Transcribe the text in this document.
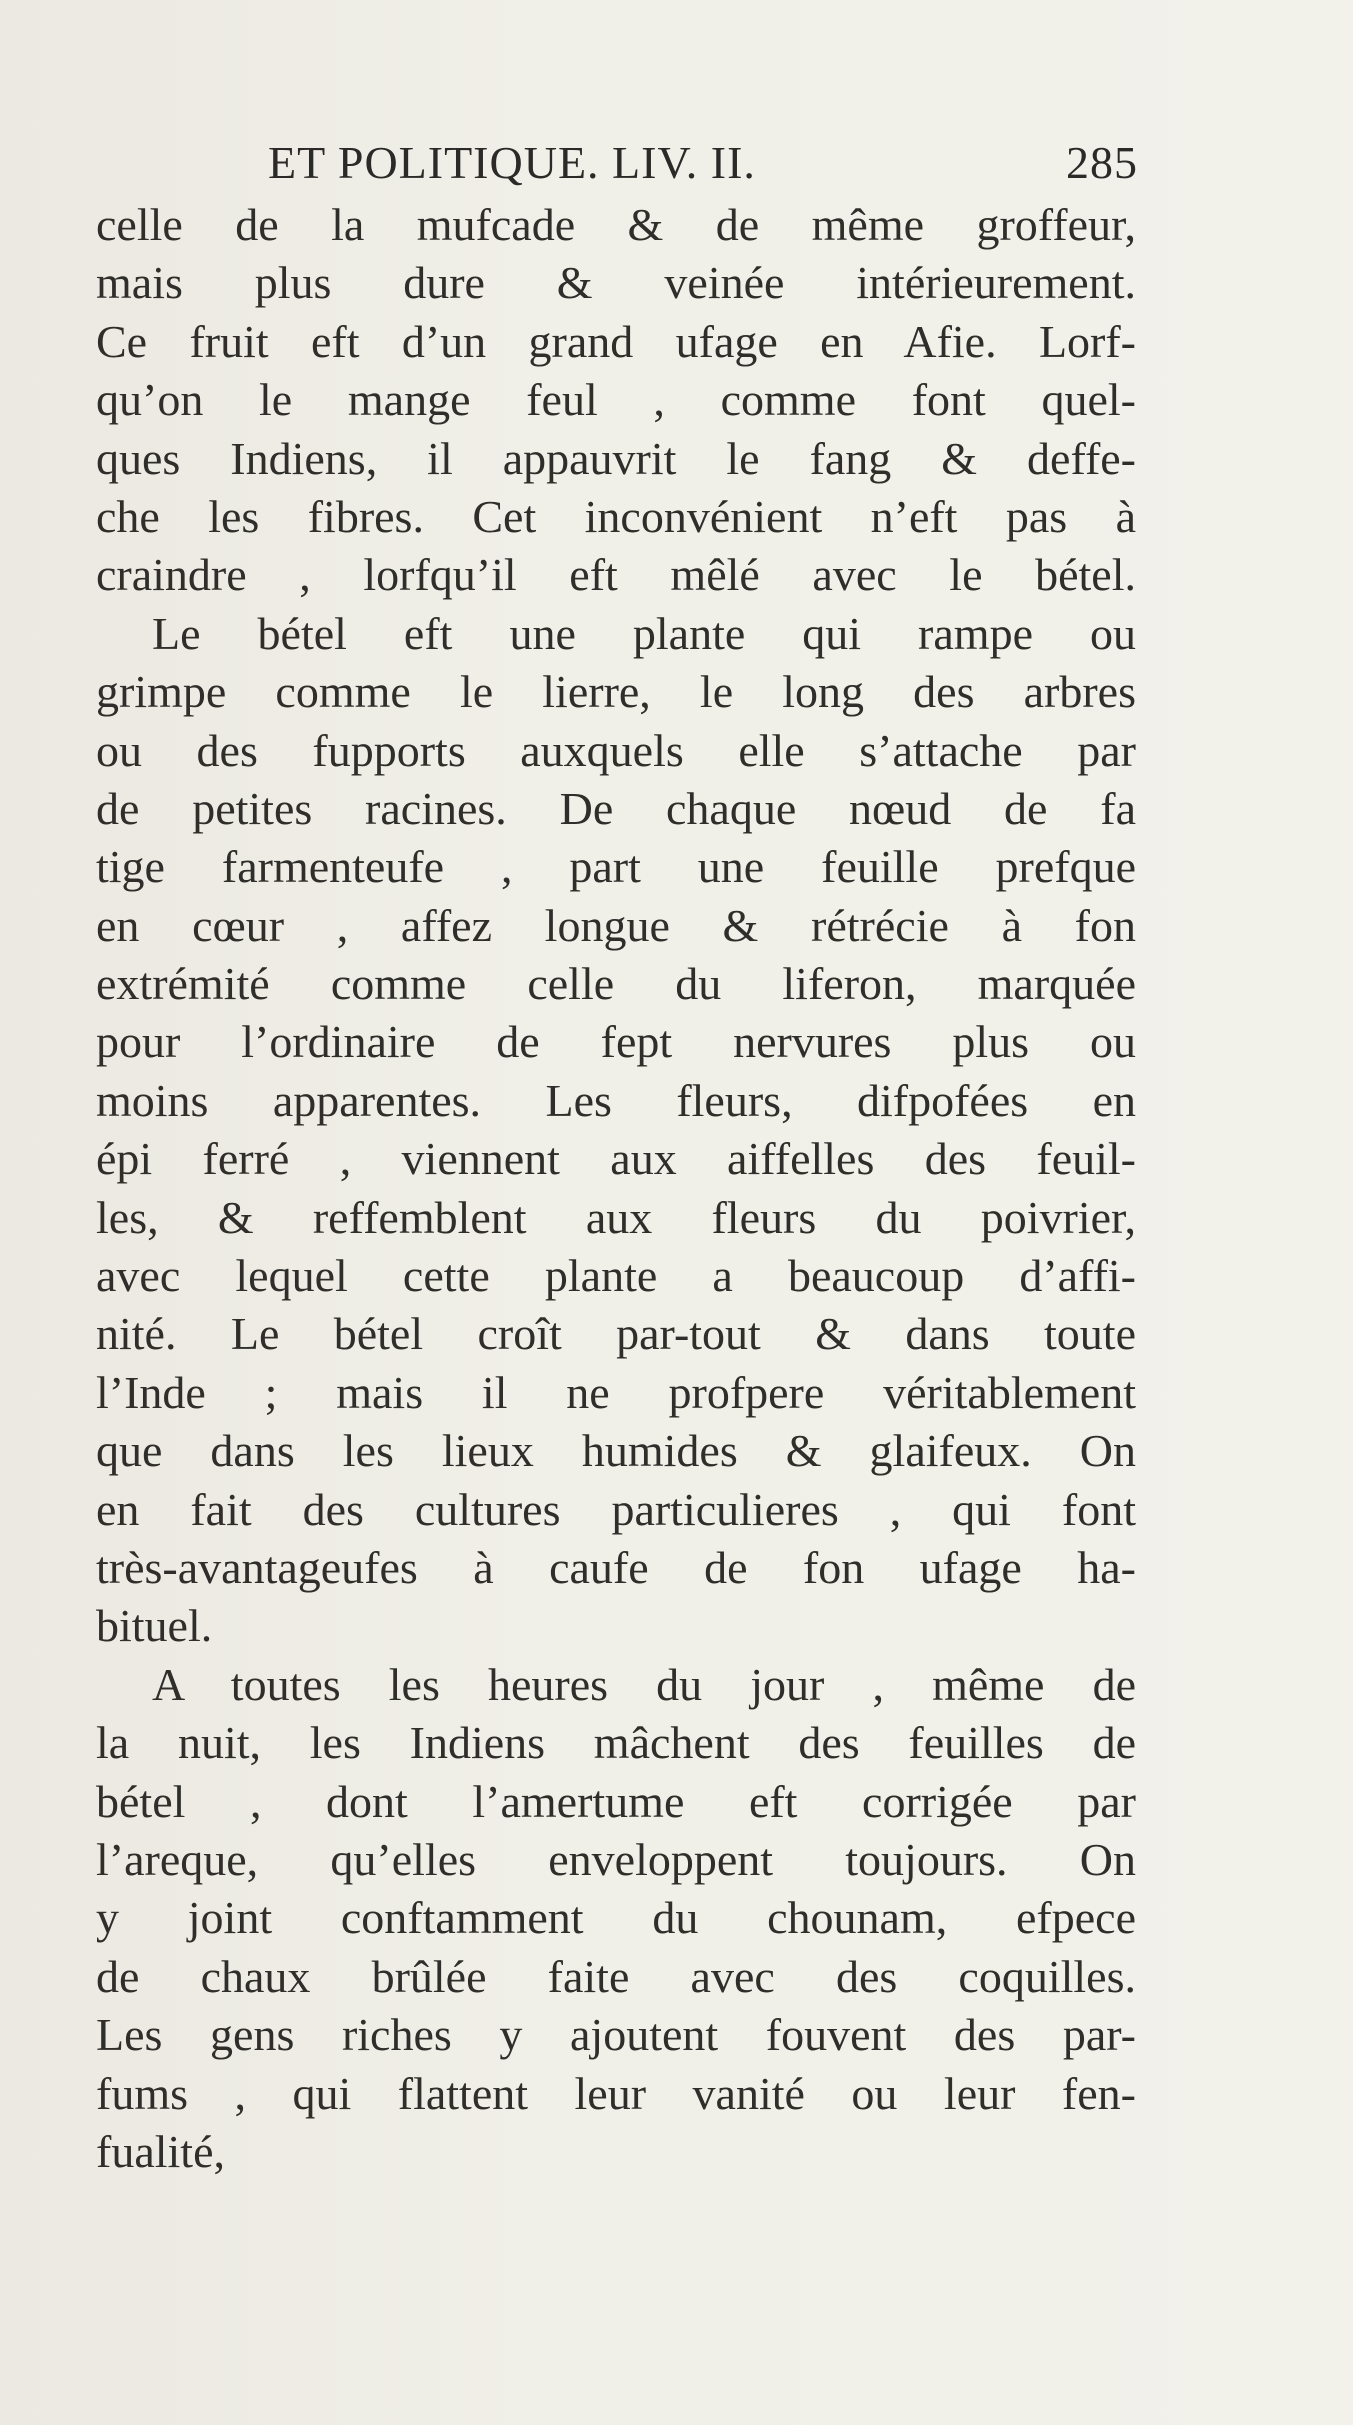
ET POLITIQUE. LIV. II.	285
celle de la mufcade & de même groffeur,
mais plus dure & veinée intérieurement.
Ce fruit eft d’un grand ufage en Afie. Lorf-
qu’on le mange feul , comme font quel-
ques Indiens, il appauvrit le fang & deffe-
che les fibres. Cet inconvénient n’eft pas à
craindre , lorfqu’il eft mêlé avec le bétel.
Le bétel eft une plante qui rampe ou
grimpe comme le lierre, le long des arbres
ou des fupports auxquels elle s’attache par
de petites racines. De chaque nœud de fa
tige farmenteufe , part une feuille prefque
en cœur , affez longue & rétrécie à fon
extrémité comme celle du liferon, marquée
pour l’ordinaire de fept nervures plus ou
moins apparentes. Les fleurs, difpofées en
épi ferré , viennent aux aiffelles des feuil-
les, & reffemblent aux fleurs du poivrier,
avec lequel cette plante a beaucoup d’affi-
nité. Le bétel croît par-tout & dans toute
l’Inde ; mais il ne profpere véritablement
que dans les lieux humides & glaifeux. On
en fait des cultures particulieres , qui font
très-avantageufes à caufe de fon ufage ha-
bituel.
A toutes les heures du jour , même de
la nuit, les Indiens mâchent des feuilles de
bétel , dont l’amertume eft corrigée par
l’areque, qu’elles enveloppent toujours. On
y joint conftamment du chounam, efpece
de chaux brûlée faite avec des coquilles.
Les gens riches y ajoutent fouvent des par-
fums , qui flattent leur vanité ou leur fen-
fualité,
